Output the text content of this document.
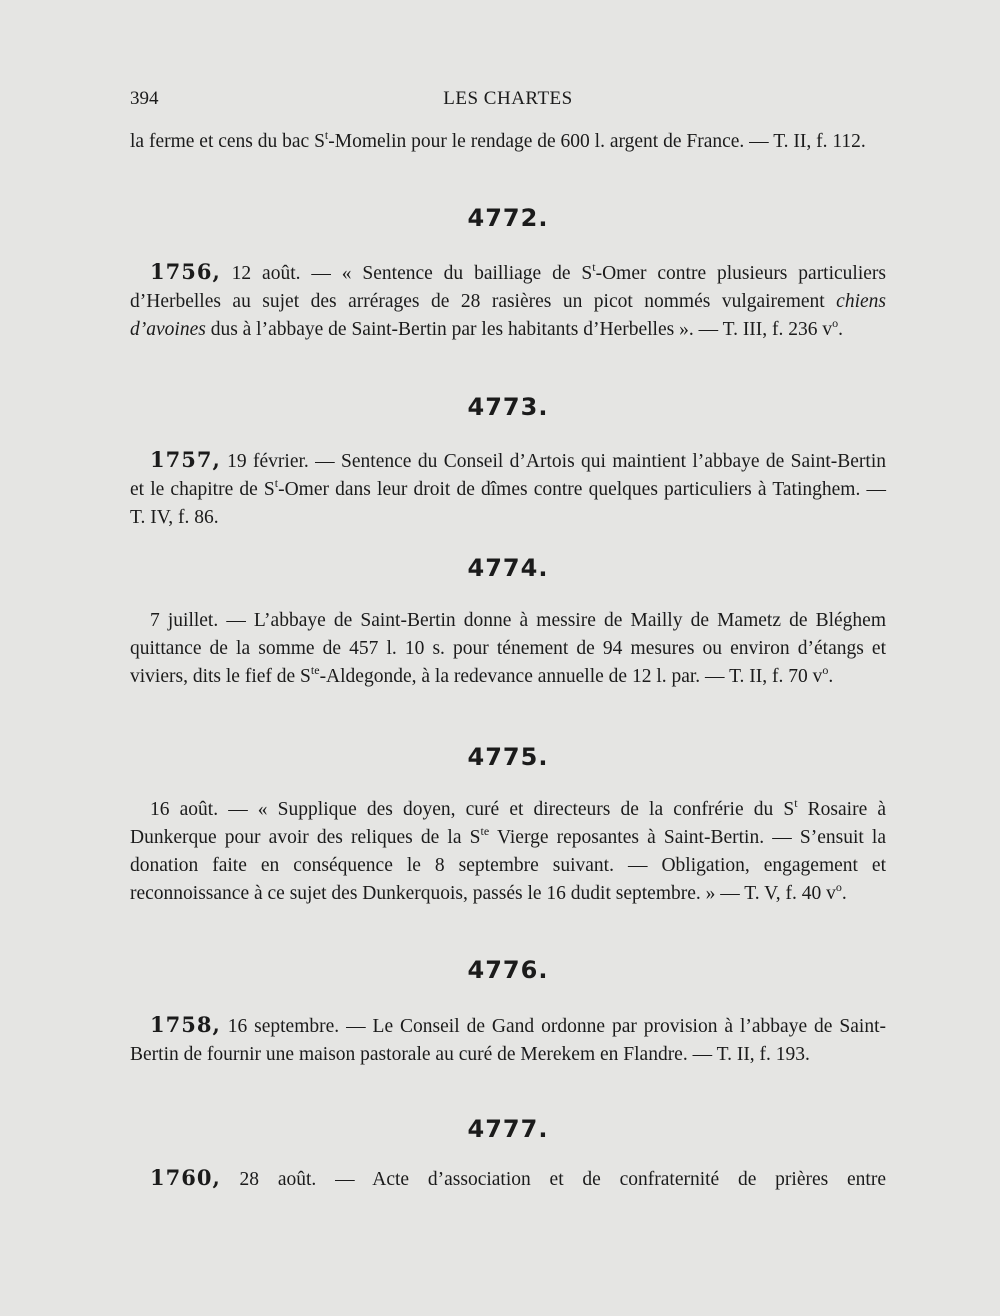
394	LES CHARTES
la ferme et cens du bac $S^t$-Momelin pour le rendage de 600 l. argent de France. — T. II, f. 112.
4772.
1756, 12 août. — « Sentence du bailliage de $S^t$-Omer contre plusieurs particuliers d’Herbelles au sujet des arrérages de 28 rasières un picot nommés vulgairement chiens d’avoines dus à l’abbaye de Saint-Bertin par les habitants d’Herbelles ». — T. III, f. 236 $v^o$.
4773.
1757, 19 février. — Sentence du Conseil d’Artois qui maintient l’abbaye de Saint-Bertin et le chapitre de $S^t$-Omer dans leur droit de dîmes contre quelques particuliers à Tatinghem. — T. IV, f. 86.
4774.
7 juillet. — L’abbaye de Saint-Bertin donne à messire de Mailly de Mametz de Bléghem quittance de la somme de 457 l. 10 s. pour ténement de 94 mesures ou environ d’étangs et viviers, dits le fief de $S^{te}$-Aldegonde, à la redevance annuelle de 12 l. par. — T. II, f. 70 $v^o$.
4775.
16 août. — « Supplique des doyen, curé et directeurs de la confrérie du $S^t$ Rosaire à Dunkerque pour avoir des reliques de la $S^{te}$ Vierge reposantes à Saint-Bertin. — S’ensuit la donation faite en conséquence le 8 septembre suivant. — Obligation, engagement et reconnoissance à ce sujet des Dunkerquois, passés le 16 dudit septembre. » — T. V, f. 40 $v^o$.
4776.
1758, 16 septembre. — Le Conseil de Gand ordonne par provision à l’abbaye de Saint-Bertin de fournir une maison pastorale au curé de Merekem en Flandre. — T. II, f. 193.
4777.
1760, 28 août. — Acte d’association et de confraternité de prières entre
